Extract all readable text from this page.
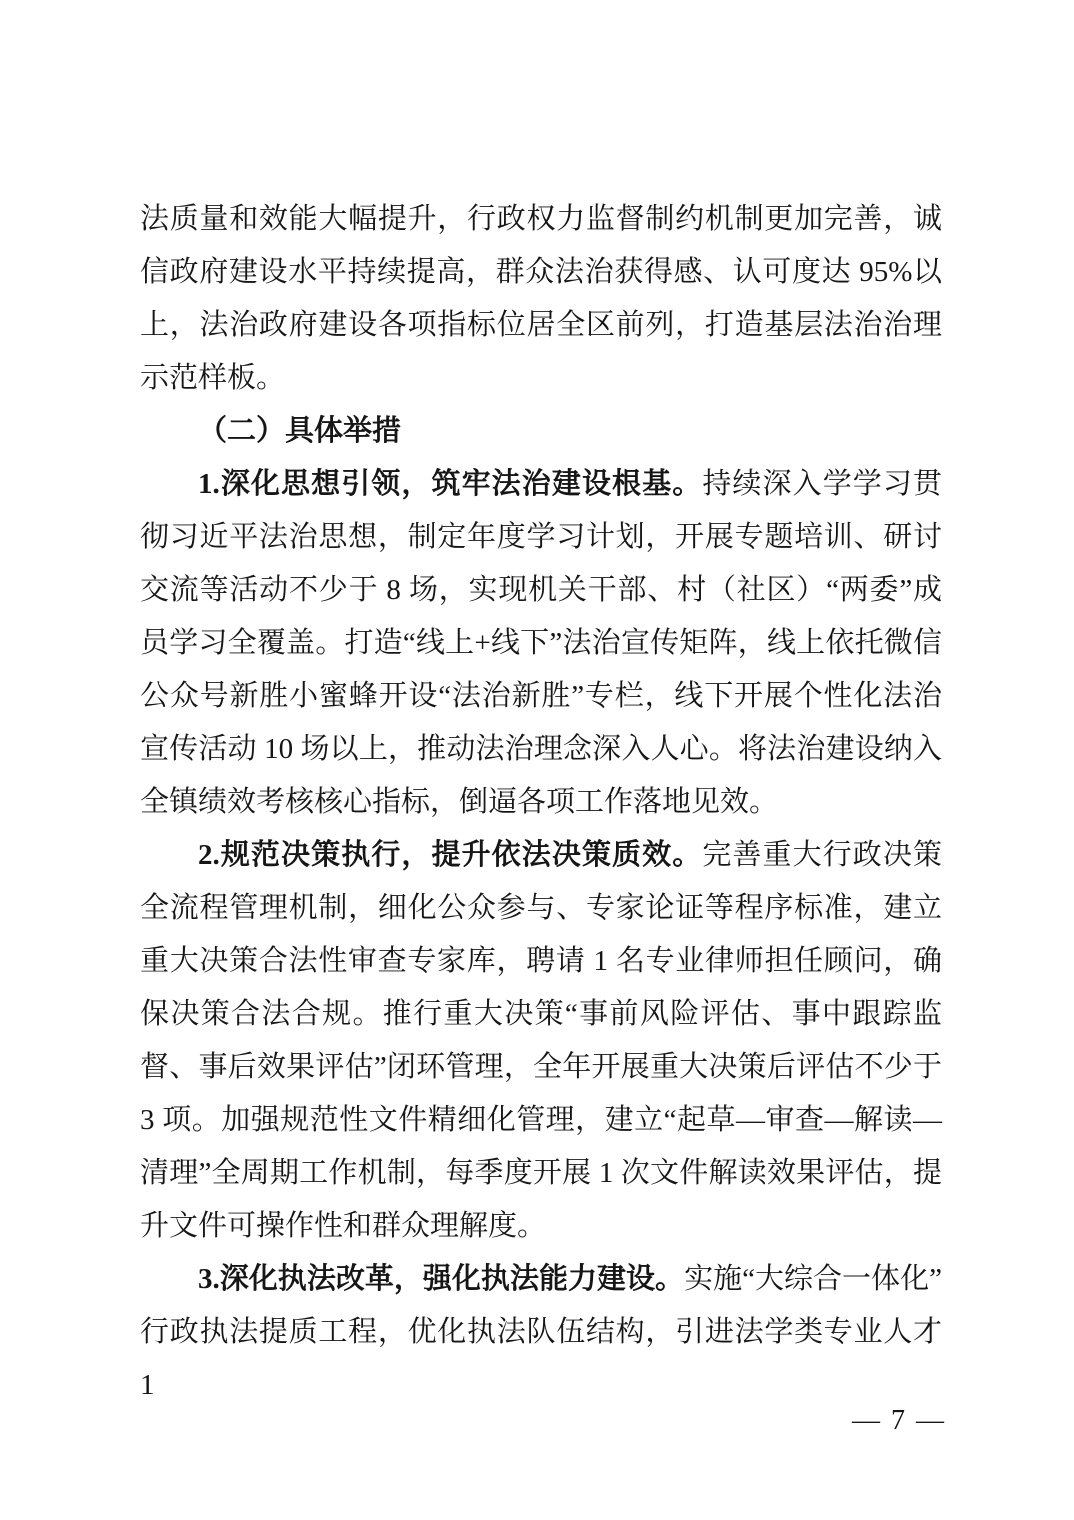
法质量和效能大幅提升，行政权力监督制约机制更加完善，诚信政府建设水平持续提高，群众法治获得感、认可度达 95%以上，法治政府建设各项指标位居全区前列，打造基层法治治理示范样板。

（二）具体举措

1.深化思想引领，筑牢法治建设根基。持续深入学学习贯彻习近平法治思想，制定年度学习计划，开展专题培训、研讨交流等活动不少于 8 场，实现机关干部、村（社区）“两委”成员学习全覆盖。打造“线上+线下”法治宣传矩阵，线上依托微信公众号新胜小蜜蜂开设“法治新胜”专栏，线下开展个性化法治宣传活动 10 场以上，推动法治理念深入人心。将法治建设纳入全镇绩效考核核心指标，倒逼各项工作落地见效。

2.规范决策执行，提升依法决策质效。完善重大行政决策全流程管理机制，细化公众参与、专家论证等程序标准，建立重大决策合法性审查专家库，聘请 1 名专业律师担任顾问，确保决策合法合规。推行重大决策“事前风险评估、事中跟踪监督、事后效果评估”闭环管理，全年开展重大决策后评估不少于 3 项。加强规范性文件精细化管理，建立“起草—审查—解读—清理”全周期工作机制，每季度开展 1 次文件解读效果评估，提升文件可操作性和群众理解度。

3.深化执法改革，强化执法能力建设。实施“大综合一体化”行政执法提质工程，优化执法队伍结构，引进法学类专业人才 1

— 7 —
